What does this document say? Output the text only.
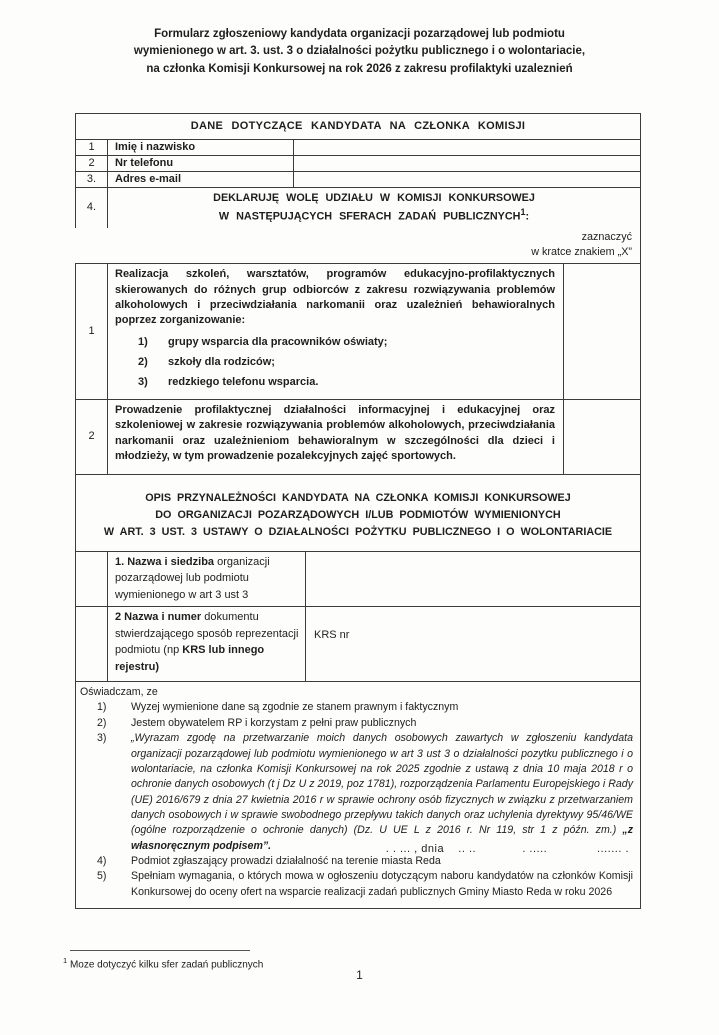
Formularz zgłoszeniowy kandydata organizacji pozarządowej lub podmiotu
wymienionego w art. 3. ust. 3 o działalności pożytku publicznego i o wolontariacie,
na członka Komisji Konkursowej na rok 2026 z zakresu profilaktyki uzaleznień
DANE DOTYCZĄCE KANDYDATA NA CZŁONKA KOMISJI
1	Imię i nazwisko
2	Nr telefonu
3.	Adres e-mail
4.
DEKLARUJĘ WOLĘ UDZIAŁU W KOMISJI KONKURSOWEJ
W NASTĘPUJĄCYCH SFERACH ZADAŃ PUBLICZNYCH$^1$:
zaznaczyć
w kratce znakiem „X”
1
Realizacja szkoleń, warsztatów, programów edukacyjno-profilaktycznych skierowanych do różnych grup odbiorców z zakresu rozwiązywania problemów alkoholowych i przeciwdziałania narkomanii oraz uzależnień behawioralnych poprzez zorganizowanie:
1)	grupy wsparcia dla pracowników oświaty;
2)	szkoły dla rodziców;
3)	redzkiego telefonu wsparcia.
2
Prowadzenie profilaktycznej działalności informacyjnej i edukacyjnej oraz szkoleniowej w zakresie rozwiązywania problemów alkoholowych, przeciwdziałania narkomanii oraz uzależnieniom behawioralnym w szczególności dla dzieci i młodzieży, w tym prowadzenie pozalekcyjnych zajęć sportowych.
OPIS PRZYNALEŻNOŚCI KANDYDATA NA CZŁONKA KOMISJI KONKURSOWEJ
DO ORGANIZACJI POZARZĄDOWYCH I/LUB PODMIOTÓW WYMIENIONYCH
W ART. 3 UST. 3 USTAWY O DZIAŁALNOŚCI POŻYTKU PUBLICZNEGO I O WOLONTARIACIE
1. Nazwa i siedziba organizacji pozarządowej lub podmiotu wymienionego w art 3 ust 3
2 Nazwa i numer dokumentu stwierdzającego sposób reprezentacji podmiotu (np KRS lub innego rejestru)
KRS nr
Oświadczam, ze
1)	Wyzej wymienione dane są zgodnie ze stanem prawnym i faktycznym
2)	Jestem obywatelem RP i korzystam z pełni praw publicznych
3)	„Wyrazam zgodę na przetwarzanie moich danych osobowych zawartych w zgłoszeniu kandydata organizacji pozarządowej lub podmiotu wymienionego w art 3 ust 3 o działalności pozytku publicznego i o wolontariacie, na członka Komisji Konkursowej na rok 2025 zgodnie z ustawą z dnia 10 maja 2018 r o ochronie danych osobowych (t j Dz U z 2019, poz 1781), rozporządzenia Parlamentu Europejskiego i Rady (UE) 2016/679 z dnia 27 kwietnia 2016 r w sprawie ochrony osób fizycznych w związku z przetwarzaniem danych osobowych i w sprawie swobodnego przepływu takich danych oraz uchylenia dyrektywy 95/46/WE (ogólne rozporządzenie o ochronie danych) (Dz. U UE L z 2016 r. Nr 119, str 1 z późn. zm.) „z własnoręcznym podpisem”.
4)	Podmiot zgłaszający prowadzi działalność na terenie miasta Reda
5)	Spełniam wymagania, o których mowa w ogłoszeniu dotyczącym naboru kandydatów na członków Komisji Konkursowej do oceny ofert na wsparcie realizacji zadań publicznych Gminy Miasto Reda w roku 2026
. . ... , dnia    .. ..             . .....              ....... .
$^1$ Moze dotyczyć kilku sfer zadań publicznych
1
